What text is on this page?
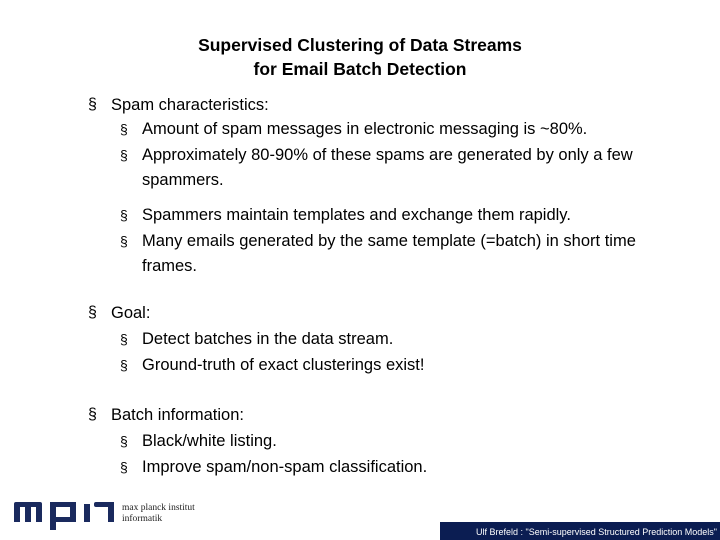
Supervised Clustering of Data Streams
for Email Batch Detection
§ Spam characteristics:
§ Amount of spam messages in electronic messaging is ~80%.
§ Approximately 80-90% of these spams are generated by only a few spammers.
§ Spammers maintain templates and exchange them rapidly.
§ Many emails generated by the same template (=batch) in short time frames.
§ Goal:
§ Detect batches in the data stream.
§ Ground-truth of exact clusterings exist!
§ Batch information:
§ Black/white listing.
§ Improve spam/non-spam classification.
max planck institut
informatik
Ulf Brefeld : "Semi-supervised Structured Prediction Models"
